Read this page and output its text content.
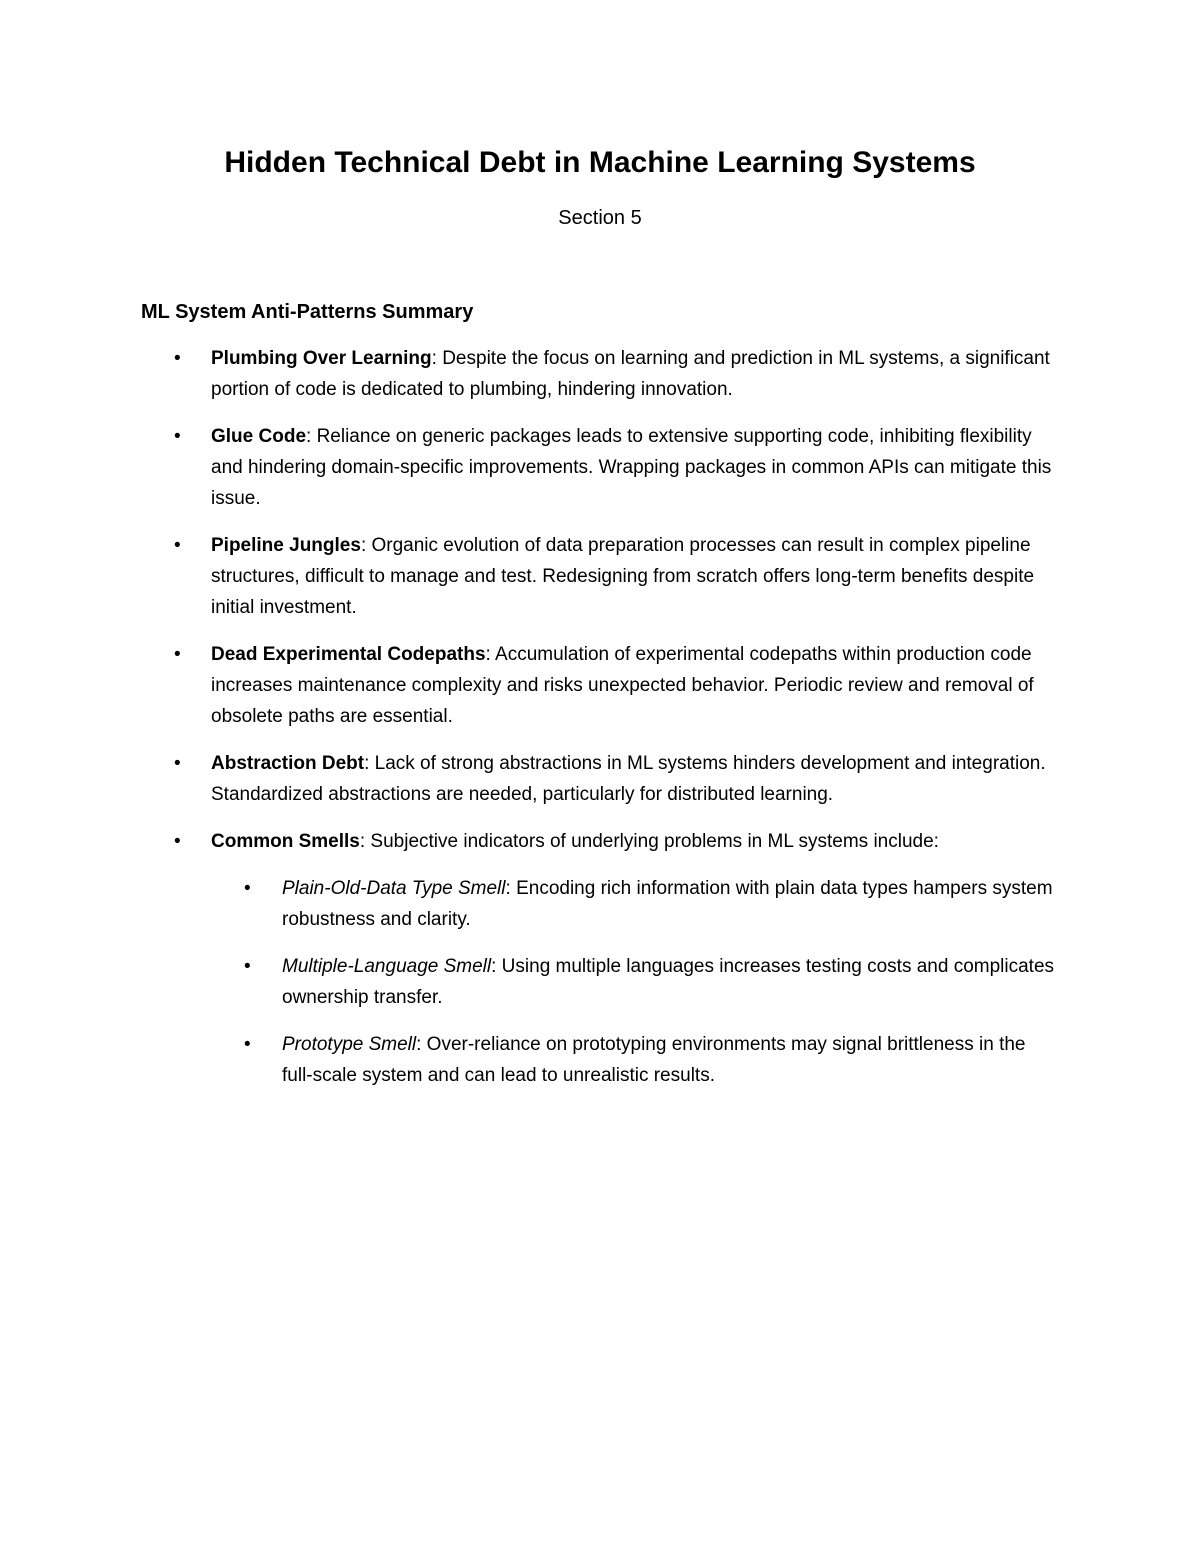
Hidden Technical Debt in Machine Learning Systems

Section 5

ML System Anti-Patterns Summary
• Plumbing Over Learning: Despite the focus on learning and prediction in ML systems, a significant portion of code is dedicated to plumbing, hindering innovation.
• Glue Code: Reliance on generic packages leads to extensive supporting code, inhibiting flexibility and hindering domain-specific improvements. Wrapping packages in common APIs can mitigate this issue.
• Pipeline Jungles: Organic evolution of data preparation processes can result in complex pipeline structures, difficult to manage and test. Redesigning from scratch offers long-term benefits despite initial investment.
• Dead Experimental Codepaths: Accumulation of experimental codepaths within production code increases maintenance complexity and risks unexpected behavior. Periodic review and removal of obsolete paths are essential.
• Abstraction Debt: Lack of strong abstractions in ML systems hinders development and integration. Standardized abstractions are needed, particularly for distributed learning.
• Common Smells: Subjective indicators of underlying problems in ML systems include:
• Plain-Old-Data Type Smell: Encoding rich information with plain data types hampers system robustness and clarity.
• Multiple-Language Smell: Using multiple languages increases testing costs and complicates ownership transfer.
• Prototype Smell: Over-reliance on prototyping environments may signal brittleness in the full-scale system and can lead to unrealistic results.
